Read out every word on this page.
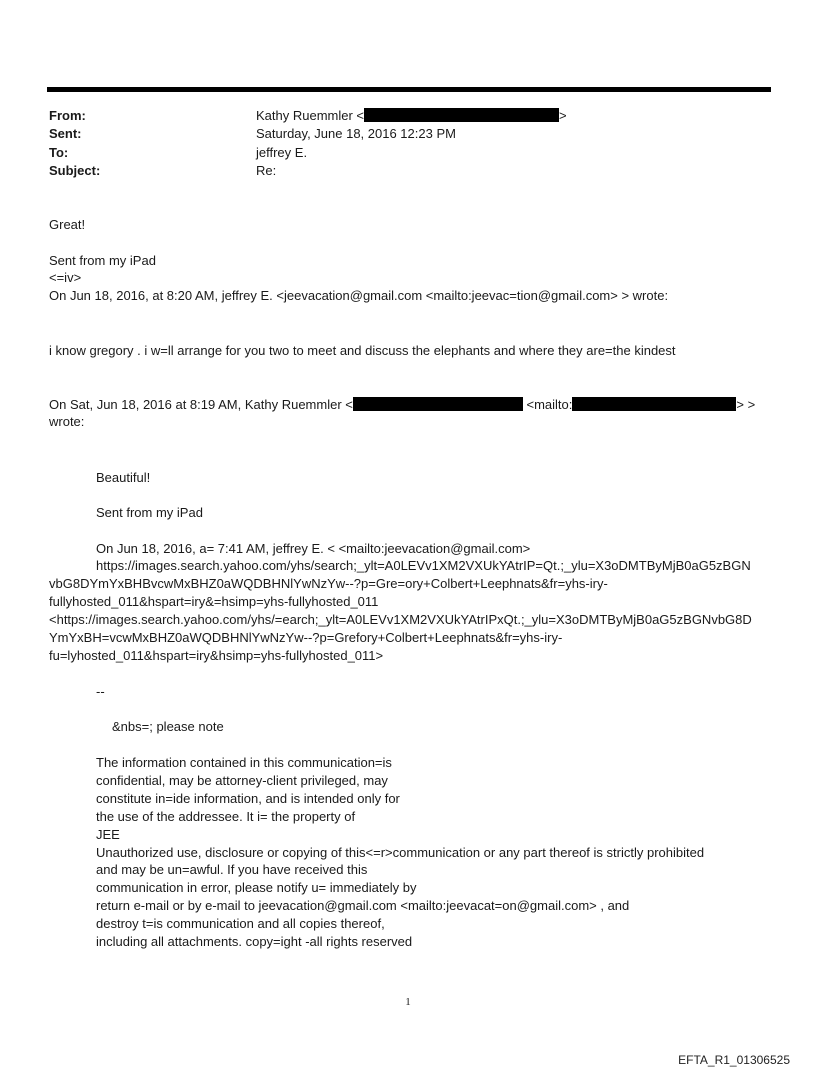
From:	Kathy Ruemmler <	>
Sent:	Saturday, June 18, 2016 12:23 PM
To:	jeffrey E.
Subject:	Re:
Great!
Sent from my iPad
<=iv>
On Jun 18, 2016, at 8:20 AM, jeffrey E. <jeevacation@gmail.com <mailto:jeevac=tion@gmail.com> > wrote:
i know gregory . i w=ll arrange for you two to meet and discuss the elephants and where they are=the kindest
On Sat, Jun 18, 2016 at 8:19 AM, Kathy Ruemmler <	<mailto:	> >
wrote:
Beautiful!
Sent from my iPad
On Jun 18, 2016, a= 7:41 AM, jeffrey E. < <mailto:jeevacation@gmail.com>
https://images.search.yahoo.com/yhs/search;_ylt=A0LEVv1XM2VXUkYAtrIP=Qt.;_ylu=X3oDMTByMjB0aG5zBGN
vbG8DYmYxBHBvcwMxBHZ0aWQDBHNlYwNzYw--?p=Gre=ory+Colbert+Leephnats&fr=yhs-iry-
fullyhosted_011&hspart=iry&=hsimp=yhs-fullyhosted_011
<https://images.search.yahoo.com/yhs/=earch;_ylt=A0LEVv1XM2VXUkYAtrIPxQt.;_ylu=X3oDMTByMjB0aG5zBGNvbG8D
YmYxBH=vcwMxBHZ0aWQDBHNlYwNzYw--?p=Grefory+Colbert+Leephnats&fr=yhs-iry-
fu=lyhosted_011&hspart=iry&hsimp=yhs-fullyhosted_011>
--
&nbs=; please note
The information contained in this communication=is
confidential, may be attorney-client privileged, may
constitute in=ide information, and is intended only for
the use of the addressee. It i= the property of
JEE
Unauthorized use, disclosure or copying of this<=r>communication or any part thereof is strictly prohibited
and may be un=awful. If you have received this
communication in error, please notify u= immediately by
return e-mail or by e-mail to jeevacation@gmail.com <mailto:jeevacat=on@gmail.com> , and
destroy t=is communication and all copies thereof,
including all attachments. copy=ight -all rights reserved
1
EFTA_R1_01306525
